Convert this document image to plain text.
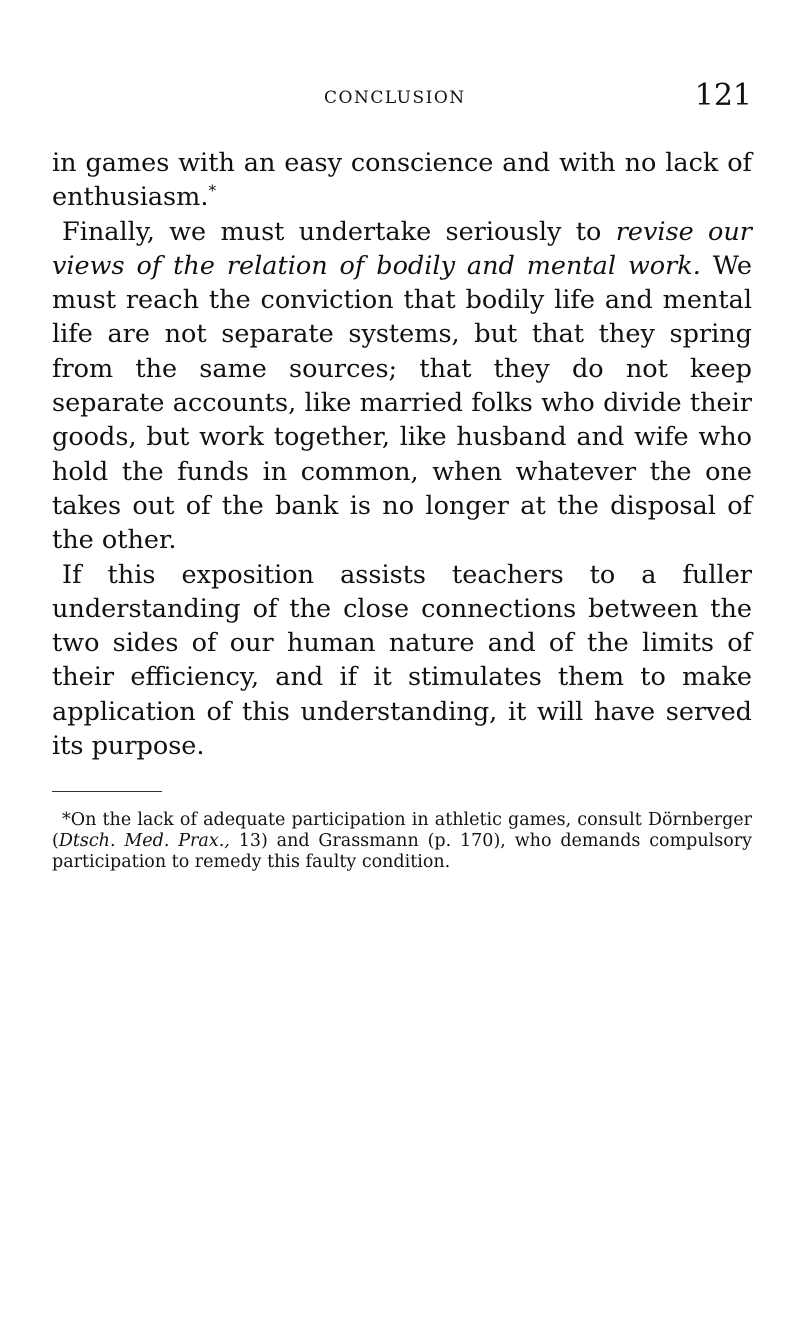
CONCLUSION	121

in games with an easy conscience and with no lack of enthusiasm.*

Finally, we must undertake seriously to revise our views of the relation of bodily and mental work. We must reach the conviction that bodily life and mental life are not separate systems, but that they spring from the same sources; that they do not keep separate accounts, like married folks who divide their goods, but work together, like husband and wife who hold the funds in common, when whatever the one takes out of the bank is no longer at the disposal of the other.

If this exposition assists teachers to a fuller understanding of the close connections between the two sides of our human nature and of the limits of their efficiency, and if it stimulates them to make application of this understanding, it will have served its purpose.

*On the lack of adequate participation in athletic games, consult Dörnberger (Dtsch. Med. Prax., 13) and Grassmann (p. 170), who demands compulsory participation to remedy this faulty condition.
